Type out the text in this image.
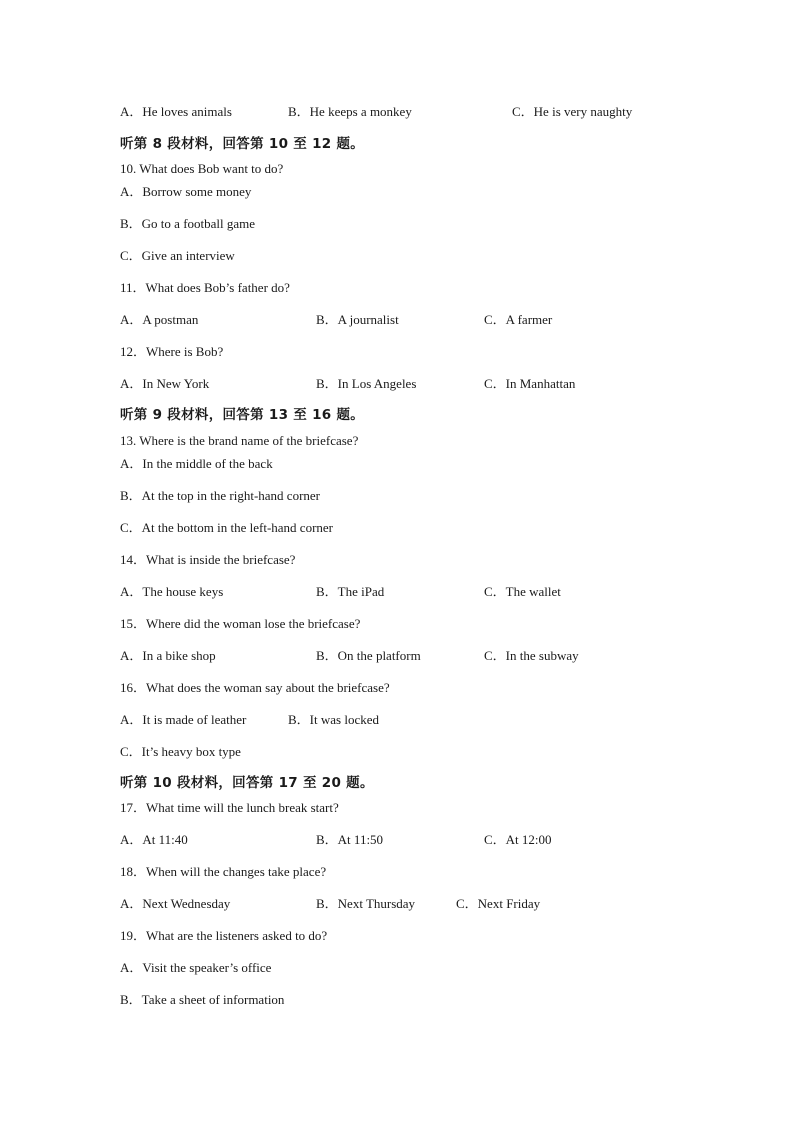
A．He loves animals	B．He keeps a monkey	C．He is very naughty
听第 8 段材料，回答第 10 至 12 题。
10. What does Bob want to do?
A．Borrow some money
B．Go to a football game
C．Give an interview
11．What does Bob’s father do?
A．A postman	B．A journalist	C．A farmer
12．Where is Bob?
A．In New York	B．In Los Angeles	C．In Manhattan
听第 9 段材料，回答第 13 至 16 题。
13. Where is the brand name of the briefcase?
A．In the middle of the back
B．At the top in the right-hand corner
C．At the bottom in the left-hand corner
14．What is inside the briefcase?
A．The house keys	B．The iPad	C．The wallet
15．Where did the woman lose the briefcase?
A．In a bike shop	B．On the platform	C．In the subway
16．What does the woman say about the briefcase?
A．It is made of leather	B．It was locked
C．It’s heavy box type
听第 10 段材料，回答第 17 至 20 题。
17．What time will the lunch break start?
A．At 11:40	B．At 11:50	C．At 12:00
18．When will the changes take place?
A．Next Wednesday	B．Next Thursday	C．Next Friday
19．What are the listeners asked to do?
A．Visit the speaker’s office
B．Take a sheet of information
